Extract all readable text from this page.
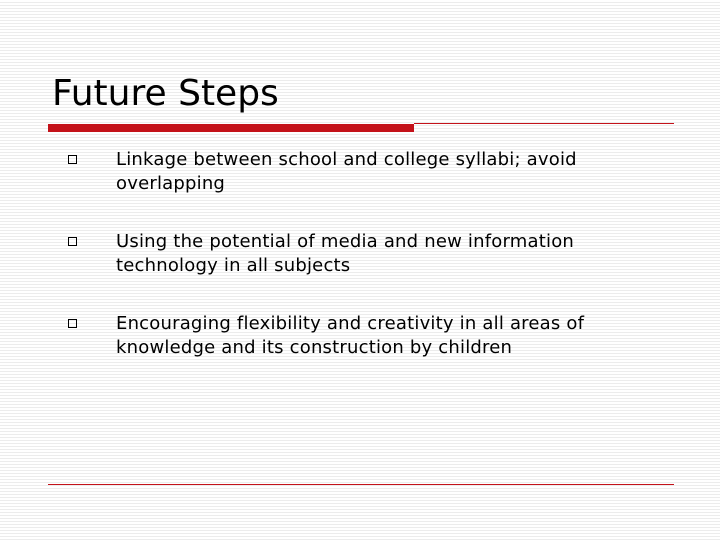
Future Steps
Linkage between school and college syllabi; avoid overlapping
Using the potential of media and new information technology in all subjects
Encouraging flexibility and creativity in all areas of knowledge and its construction by children
